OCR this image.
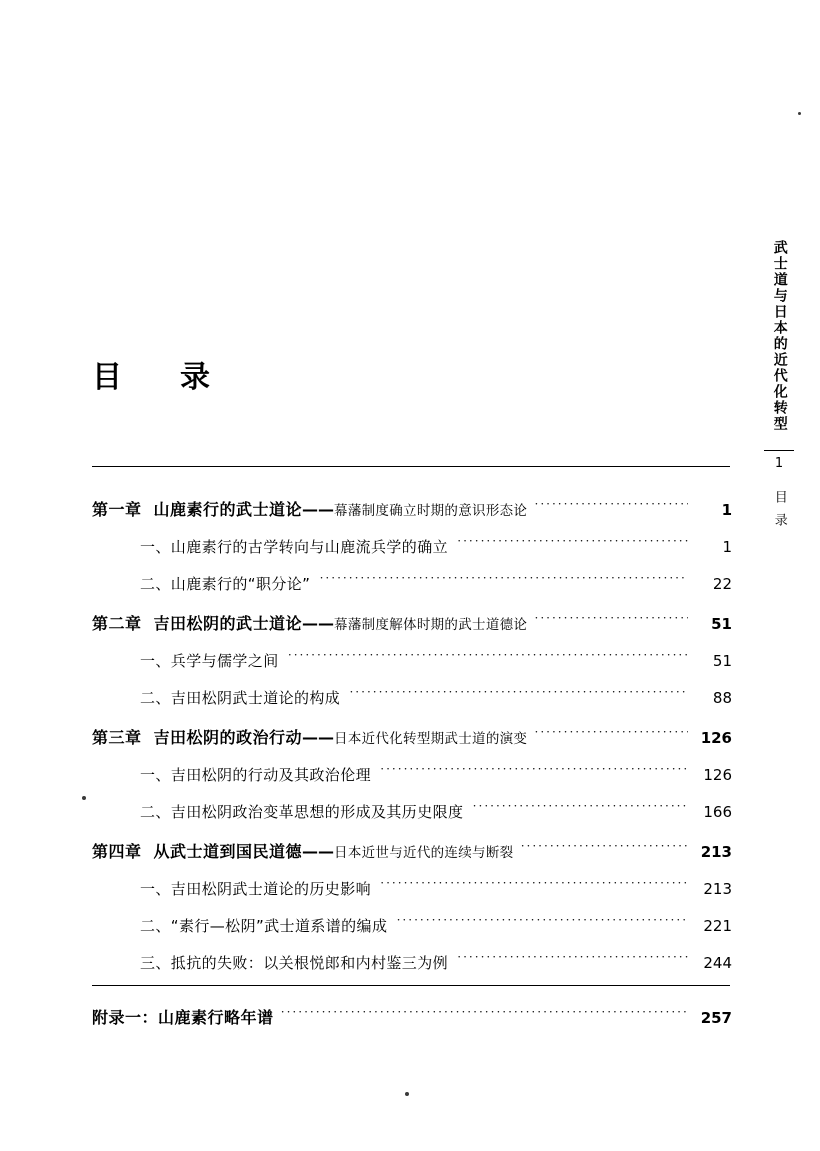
武士道与日本的近代化转型
1
目录
目　录
第一章 山鹿素行的武士道论 —— 幕藩制度确立时期的意识形态论 ·····	1
一、山鹿素行的古学转向与山鹿流兵学的确立 ·····	1
二、山鹿素行的“职分论” ·····	22
第二章 吉田松阴的武士道论 —— 幕藩制度解体时期的武士道德论 ·····	51
一、兵学与儒学之间 ·····	51
二、吉田松阴武士道论的构成 ·····	88
第三章 吉田松阴的政治行动 —— 日本近代化转型期武士道的演变 ·····	126
一、吉田松阴的行动及其政治伦理 ·····	126
二、吉田松阴政治变革思想的形成及其历史限度 ·····	166
第四章 从武士道到国民道德 —— 日本近世与近代的连续与断裂 ·····	213
一、吉田松阴武士道论的历史影响 ·····	213
二、“素行—松阴”武士道系谱的编成 ·····	221
三、抵抗的失败：以关根悦郎和内村鉴三为例 ·····	244
附录一：山鹿素行略年谱 ·····	257
